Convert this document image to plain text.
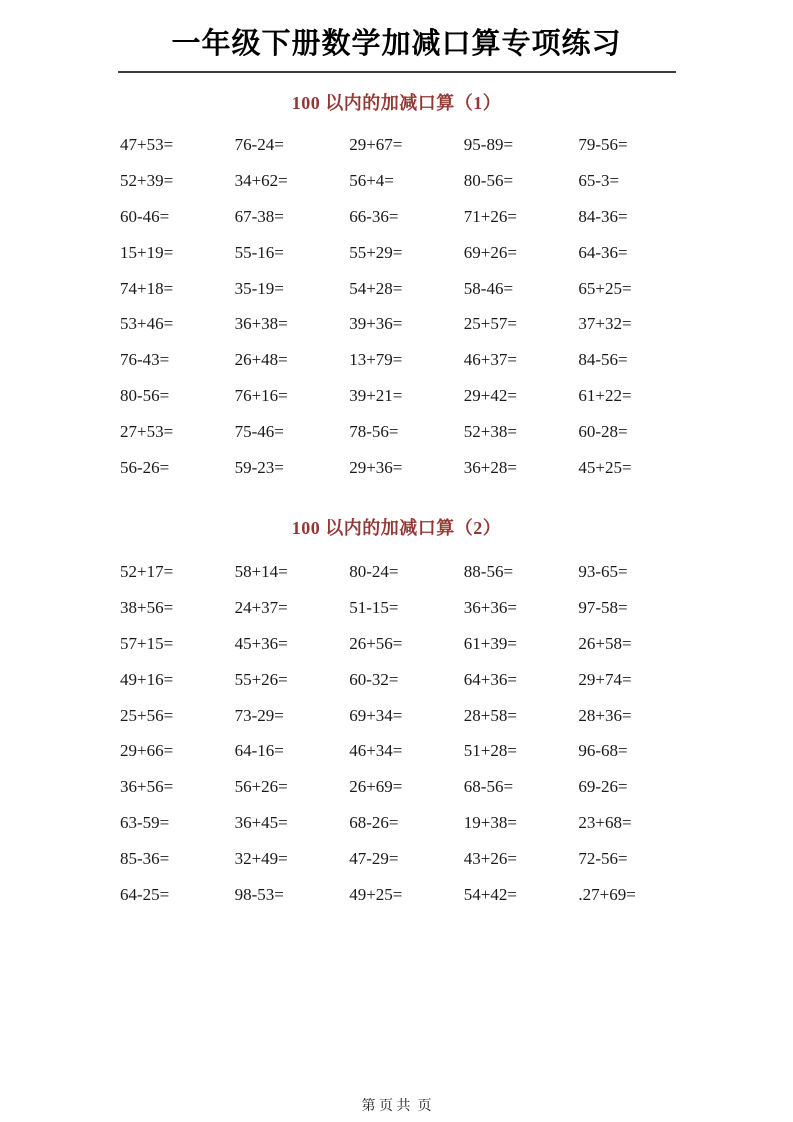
一年级下册数学加减口算专项练习
100 以内的加减口算（1）
47+53=	76-24=	29+67=	95-89=	79-56=
52+39=	34+62=	56+4=	80-56=	65-3=
60-46=	67-38=	66-36=	71+26=	84-36=
15+19=	55-16=	55+29=	69+26=	64-36=
74+18=	35-19=	54+28=	58-46=	65+25=
53+46=	36+38=	39+36=	25+57=	37+32=
76-43=	26+48=	13+79=	46+37=	84-56=
80-56=	76+16=	39+21=	29+42=	61+22=
27+53=	75-46=	78-56=	52+38=	60-28=
56-26=	59-23=	29+36=	36+28=	45+25=
100 以内的加减口算（2）
52+17=	58+14=	80-24=	88-56=	93-65=
38+56=	24+37=	51-15=	36+36=	97-58=
57+15=	45+36=	26+56=	61+39=	26+58=
49+16=	55+26=	60-32=	64+36=	29+74=
25+56=	73-29=	69+34=	28+58=	28+36=
29+66=	64-16=	46+34=	51+28=	96-68=
36+56=	56+26=	26+69=	68-56=	69-26=
63-59=	36+45=	68-26=	19+38=	23+68=
85-36=	32+49=	47-29=	43+26=	72-56=
64-25=	98-53=	49+25=	54+42=	.27+69=
第 页 共  页
